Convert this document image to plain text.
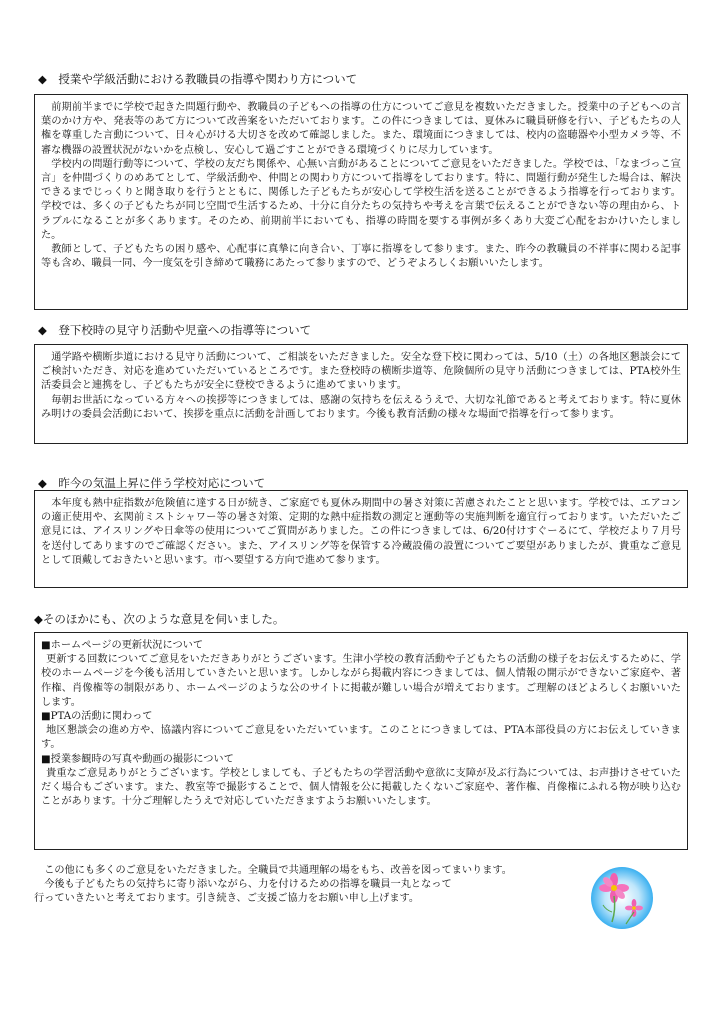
◆　授業や学級活動における教職員の指導や関わり方について

前期前半までに学校で起きた問題行動や、教職員の子どもへの指導の仕方についてご意見を複数いただきました。授業中の子どもへの言葉のかけ方や、発表等のあて方について改善案をいただいております。この件につきましては、夏休みに職員研修を行い、子どもたちの人権を尊重した言動について、日々心がける大切さを改めて確認しました。また、環境面につきましては、校内の盗聴器や小型カメラ等、不審な機器の設置状況がないかを点検し、安心して過ごすことができる環境づくりに尽力しています。

学校内の問題行動等について、学校の友だち関係や、心無い言動があることについてご意見をいただきました。学校では、「なまづっこ宣言」を仲間づくりのめあてとして、学級活動や、仲間との関わり方について指導をしております。特に、問題行動が発生した場合は、解決できるまでじっくりと聞き取りを行うとともに、関係した子どもたちが安心して学校生活を送ることができるよう指導を行っております。学校では、多くの子どもたちが同じ空間で生活するため、十分に自分たちの気持ちや考えを言葉で伝えることができない等の理由から、トラブルになることが多くあります。そのため、前期前半においても、指導の時間を要する事例が多くあり大変ご心配をおかけいたしました。

教師として、子どもたちの困り感や、心配事に真摯に向き合い、丁寧に指導をして参ります。また、昨今の教職員の不祥事に関わる記事等も含め、職員一同、今一度気を引き締めて職務にあたって参りますので、どうぞよろしくお願いいたします。

◆　登下校時の見守り活動や児童への指導等について

通学路や横断歩道における見守り活動について、ご相談をいただきました。安全な登下校に関わっては、5/10（土）の各地区懇談会にてご検討いただき、対応を進めていただいているところです。また登校時の横断歩道等、危険個所の見守り活動につきましては、PTA校外生活委員会と連携をし、子どもたちが安全に登校できるように進めてまいります。

毎朝お世話になっている方々への挨拶等につきましては、感謝の気持ちを伝えるうえで、大切な礼節であると考えております。特に夏休み明けの委員会活動において、挨拶を重点に活動を計画しております。今後も教育活動の様々な場面で指導を行って参ります。

◆　昨今の気温上昇に伴う学校対応について

本年度も熱中症指数が危険値に達する日が続き、ご家庭でも夏休み期間中の暑さ対策に苦慮されたことと思います。学校では、エアコンの適正使用や、玄関前ミストシャワー等の暑さ対策、定期的な熱中症指数の測定と運動等の実施判断を適宜行っております。いただいたご意見には、アイスリングや日傘等の使用についてご質問がありました。この件につきましては、6/20付けすぐーるにて、学校だより７月号を送付してありますのでご確認ください。また、アイスリング等を保管する冷蔵設備の設置についてご要望がありましたが、貴重なご意見として頂戴しておきたいと思います。市へ要望する方向で進めて参ります。

◆そのほかにも、次のような意見を伺いました。

■ホームページの更新状況について

更新する回数についてご意見をいただきありがとうございます。生津小学校の教育活動や子どもたちの活動の様子をお伝えするために、学校のホームページを今後も活用していきたいと思います。しかしながら掲載内容につきましては、個人情報の開示ができないご家庭や、著作権、肖像権等の制限があり、ホームページのような公のサイトに掲載が難しい場合が増えております。ご理解のほどよろしくお願いいたします。

■PTAの活動に関わって

地区懇談会の進め方や、協議内容についてご意見をいただいています。このことにつきましては、PTA本部役員の方にお伝えしていきます。

■授業参観時の写真や動画の撮影について

貴重なご意見ありがとうございます。学校としましても、子どもたちの学習活動や意欲に支障が及ぶ行為については、お声掛けさせていただく場合もございます。また、教室等で撮影することで、個人情報を公に掲載したくないご家庭や、著作権、肖像権にふれる物が映り込むことがあります。十分ご理解したうえで対応していただきますようお願いいたします。

この他にも多くのご意見をいただきました。全職員で共通理解の場をもち、改善を図ってまいります。

今後も子どもたちの気持ちに寄り添いながら、力を付けるための指導を職員一丸となって

行っていきたいと考えております。引き続き、ご支援ご協力をお願い申し上げます。
